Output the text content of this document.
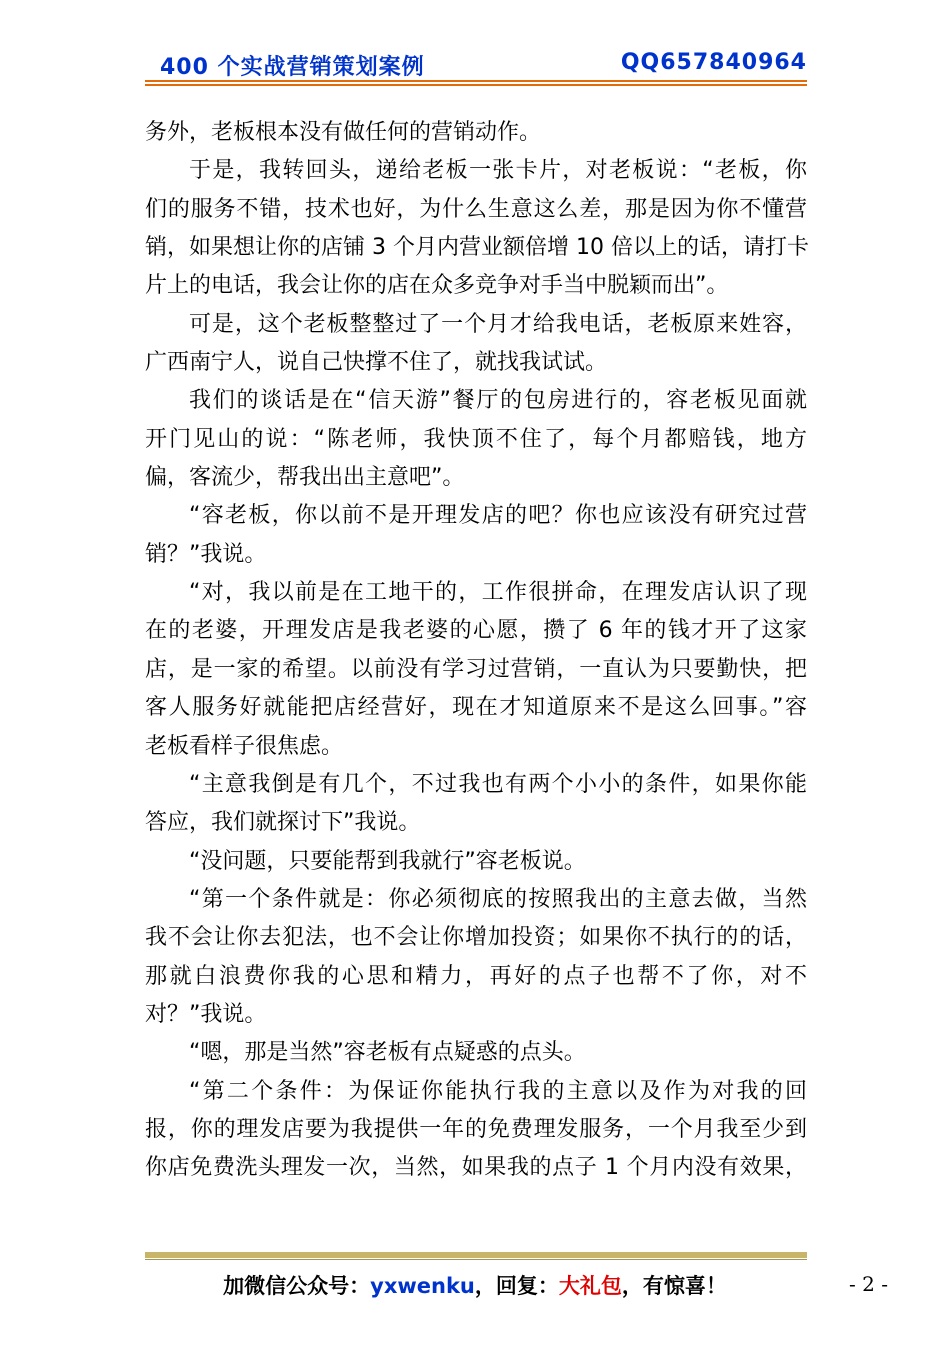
400 个实战营销策划案例	QQ657840964
务外，老板根本没有做任何的营销动作。
于是，我转回头，递给老板一张卡片，对老板说：“老板，你
们的服务不错，技术也好，为什么生意这么差，那是因为你不懂营
销，如果想让你的店铺 3 个月内营业额倍增 10 倍以上的话，请打卡
片上的电话，我会让你的店在众多竞争对手当中脱颖而出”。
可是，这个老板整整过了一个月才给我电话，老板原来姓容，
广西南宁人，说自己快撑不住了，就找我试试。
我们的谈话是在“信天游”餐厅的包房进行的，容老板见面就
开门见山的说：“陈老师，我快顶不住了，每个月都赔钱，地方
偏，客流少，帮我出出主意吧”。
“容老板，你以前不是开理发店的吧？你也应该没有研究过营
销？”我说。
“对，我以前是在工地干的，工作很拼命，在理发店认识了现
在的老婆，开理发店是我老婆的心愿，攒了 6 年的钱才开了这家
店，是一家的希望。以前没有学习过营销，一直认为只要勤快，把
客人服务好就能把店经营好，现在才知道原来不是这么回事。”容
老板看样子很焦虑。
“主意我倒是有几个，不过我也有两个小小的条件，如果你能
答应，我们就探讨下”我说。
“没问题，只要能帮到我就行”容老板说。
“第一个条件就是：你必须彻底的按照我出的主意去做，当然
我不会让你去犯法，也不会让你增加投资；如果你不执行的的话，
那就白浪费你我的心思和精力，再好的点子也帮不了你，对不
对？”我说。
“嗯，那是当然”容老板有点疑惑的点头。
“第二个条件：为保证你能执行我的主意以及作为对我的回
报，你的理发店要为我提供一年的免费理发服务，一个月我至少到
你店免费洗头理发一次，当然，如果我的点子 1 个月内没有效果，
加微信公众号：yxwenku，回复：大礼包，有惊喜！	- 2 -
